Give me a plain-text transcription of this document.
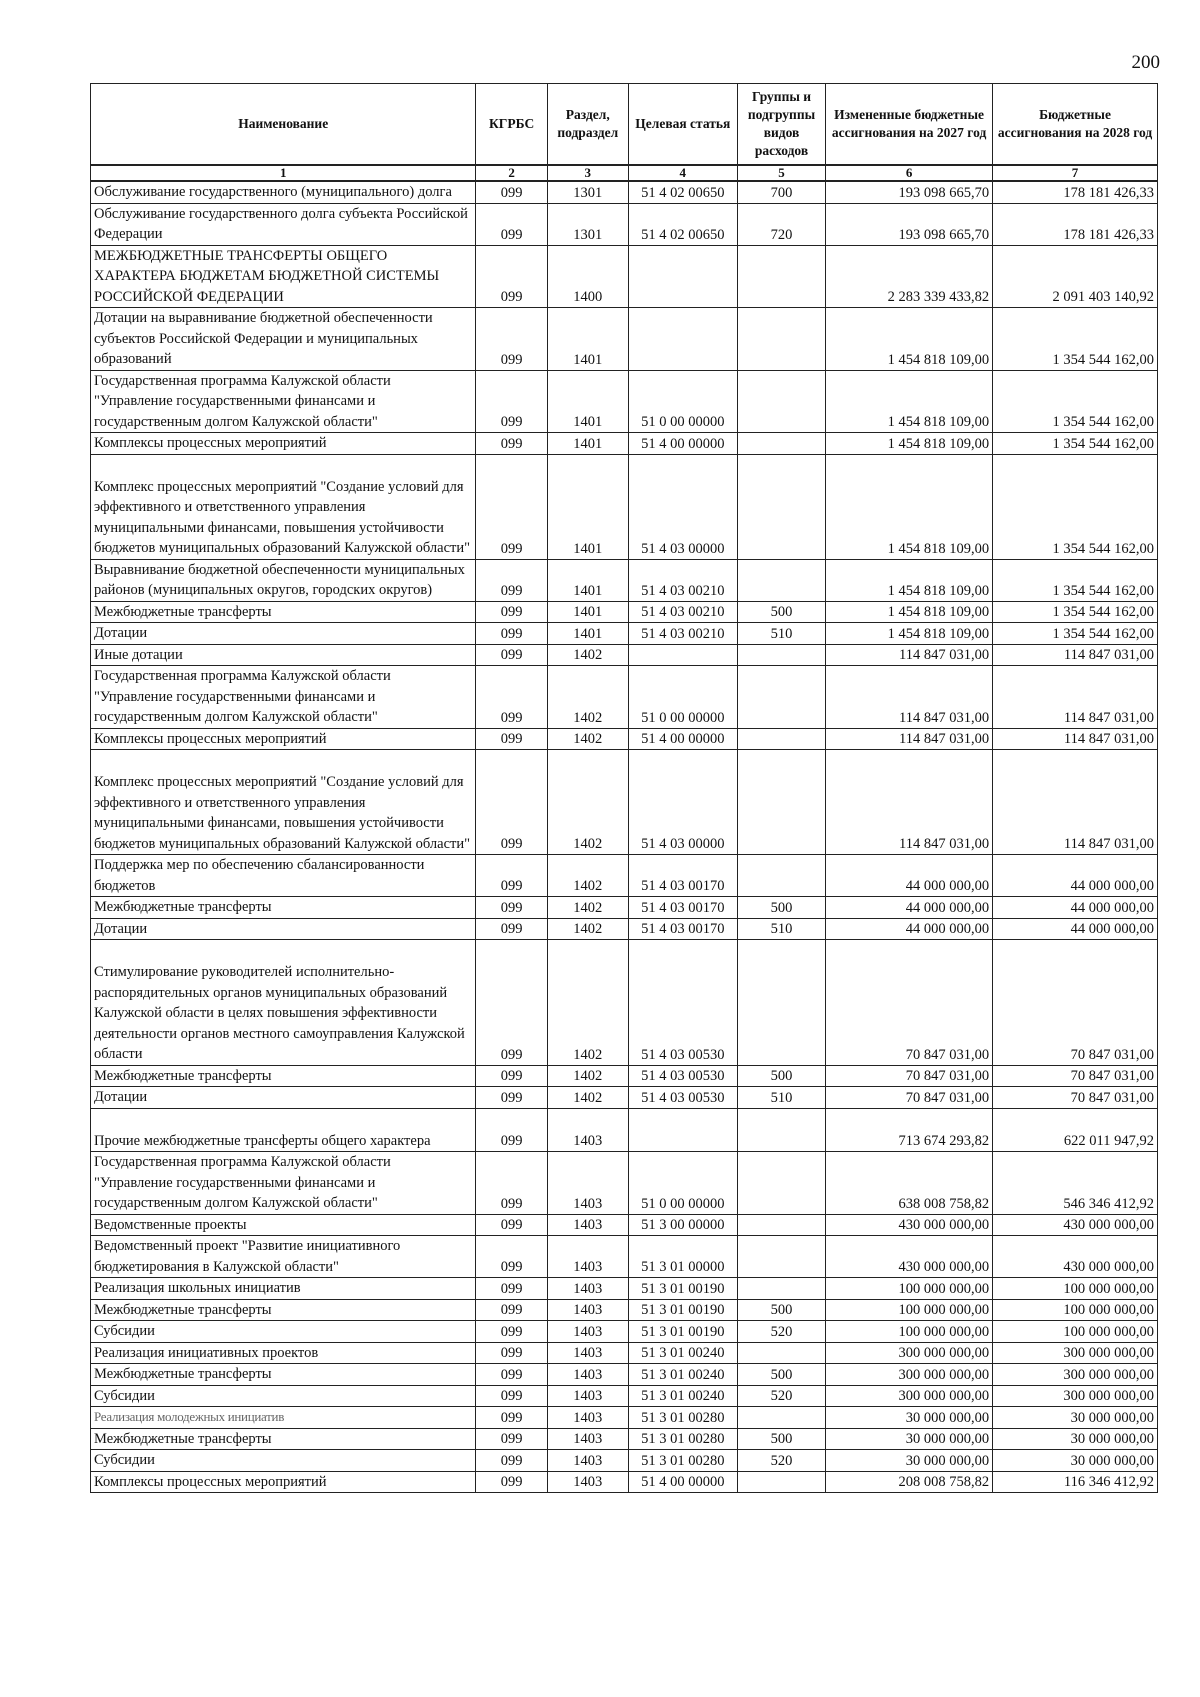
200
Наименование	КГРБС	Раздел, подраздел	Целевая статья	Группы и подгруппы видов расходов	Измененные бюджетные ассигнования на 2027 год	Бюджетные ассигнования на 2028 год
1	2	3	4	5	6	7
Обслуживание государственного (муниципального) долга	099	1301	51 4 02 00650	700	193 098 665,70	178 181 426,33
Обслуживание государственного долга субъекта Российской Федерации	099	1301	51 4 02 00650	720	193 098 665,70	178 181 426,33
МЕЖБЮДЖЕТНЫЕ ТРАНСФЕРТЫ ОБЩЕГО ХАРАКТЕРА БЮДЖЕТАМ БЮДЖЕТНОЙ СИСТЕМЫ РОССИЙСКОЙ ФЕДЕРАЦИИ	099	1400			2 283 339 433,82	2 091 403 140,92
Дотации на выравнивание бюджетной обеспеченности субъектов Российской Федерации и муниципальных образований	099	1401			1 454 818 109,00	1 354 544 162,00
Государственная программа Калужской области "Управление государственными финансами и государственным долгом Калужской области"	099	1401	51 0 00 00000		1 454 818 109,00	1 354 544 162,00
Комплексы процессных мероприятий	099	1401	51 4 00 00000		1 454 818 109,00	1 354 544 162,00
Комплекс процессных мероприятий "Создание условий для эффективного и ответственного управления муниципальными финансами, повышения устойчивости бюджетов муниципальных образований Калужской области"	099	1401	51 4 03 00000		1 454 818 109,00	1 354 544 162,00
Выравнивание бюджетной обеспеченности муниципальных районов (муниципальных округов, городских округов)	099	1401	51 4 03 00210		1 454 818 109,00	1 354 544 162,00
Межбюджетные трансферты	099	1401	51 4 03 00210	500	1 454 818 109,00	1 354 544 162,00
Дотации	099	1401	51 4 03 00210	510	1 454 818 109,00	1 354 544 162,00
Иные дотации	099	1402			114 847 031,00	114 847 031,00
Государственная программа Калужской области "Управление государственными финансами и государственным долгом Калужской области"	099	1402	51 0 00 00000		114 847 031,00	114 847 031,00
Комплексы процессных мероприятий	099	1402	51 4 00 00000		114 847 031,00	114 847 031,00
Комплекс процессных мероприятий "Создание условий для эффективного и ответственного управления муниципальными финансами, повышения устойчивости бюджетов муниципальных образований Калужской области"	099	1402	51 4 03 00000		114 847 031,00	114 847 031,00
Поддержка мер по обеспечению сбалансированности бюджетов	099	1402	51 4 03 00170		44 000 000,00	44 000 000,00
Межбюджетные трансферты	099	1402	51 4 03 00170	500	44 000 000,00	44 000 000,00
Дотации	099	1402	51 4 03 00170	510	44 000 000,00	44 000 000,00
Стимулирование руководителей исполнительно-распорядительных органов муниципальных образований Калужской области в целях повышения эффективности деятельности органов местного самоуправления Калужской области	099	1402	51 4 03 00530		70 847 031,00	70 847 031,00
Межбюджетные трансферты	099	1402	51 4 03 00530	500	70 847 031,00	70 847 031,00
Дотации	099	1402	51 4 03 00530	510	70 847 031,00	70 847 031,00
Прочие межбюджетные трансферты общего характера	099	1403			713 674 293,82	622 011 947,92
Государственная программа Калужской области "Управление государственными финансами и государственным долгом Калужской области"	099	1403	51 0 00 00000		638 008 758,82	546 346 412,92
Ведомственные проекты	099	1403	51 3 00 00000		430 000 000,00	430 000 000,00
Ведомственный проект "Развитие инициативного бюджетирования в Калужской области"	099	1403	51 3 01 00000		430 000 000,00	430 000 000,00
Реализация школьных инициатив	099	1403	51 3 01 00190		100 000 000,00	100 000 000,00
Межбюджетные трансферты	099	1403	51 3 01 00190	500	100 000 000,00	100 000 000,00
Субсидии	099	1403	51 3 01 00190	520	100 000 000,00	100 000 000,00
Реализация инициативных проектов	099	1403	51 3 01 00240		300 000 000,00	300 000 000,00
Межбюджетные трансферты	099	1403	51 3 01 00240	500	300 000 000,00	300 000 000,00
Субсидии	099	1403	51 3 01 00240	520	300 000 000,00	300 000 000,00
Реализация молодежных инициатив	099	1403	51 3 01 00280		30 000 000,00	30 000 000,00
Межбюджетные трансферты	099	1403	51 3 01 00280	500	30 000 000,00	30 000 000,00
Субсидии	099	1403	51 3 01 00280	520	30 000 000,00	30 000 000,00
Комплексы процессных мероприятий	099	1403	51 4 00 00000		208 008 758,82	116 346 412,92
